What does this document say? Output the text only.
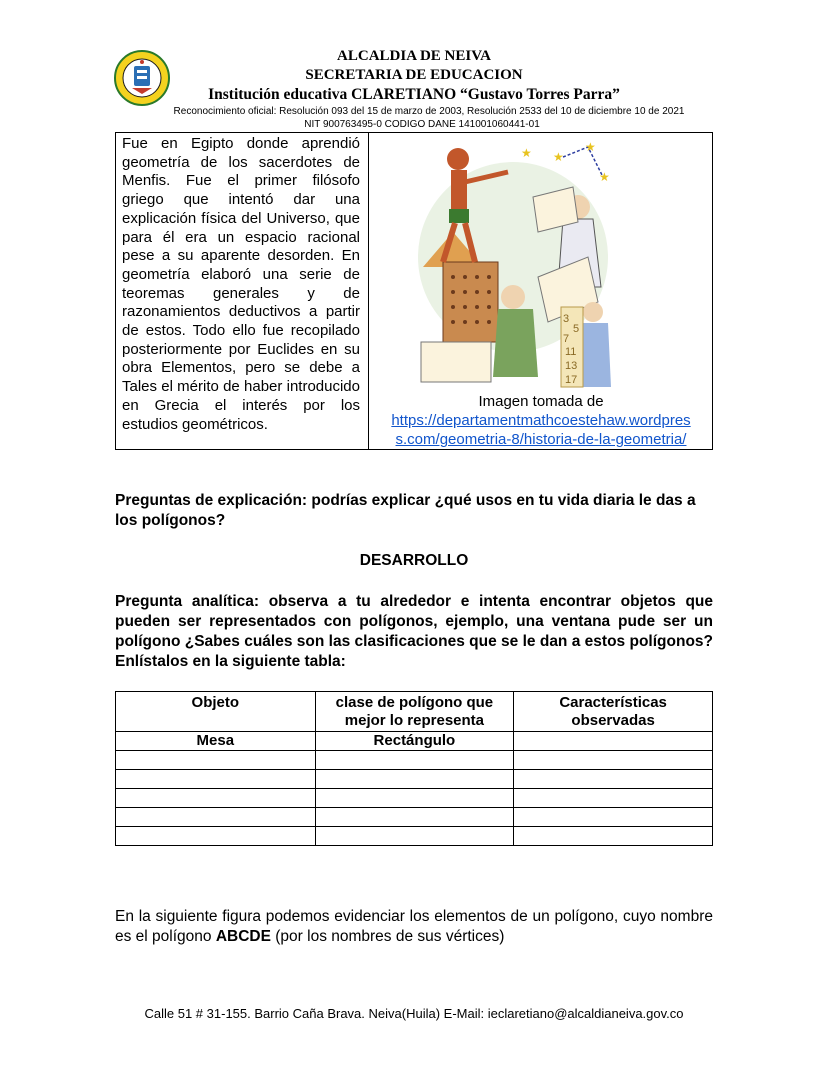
ALCALDIA DE NEIVA
SECRETARIA DE EDUCACION
Institución educativa CLARETIANO “Gustavo Torres Parra”
Reconocimiento oficial: Resolución 093 del 15 de marzo de 2003, Resolución 2533 del 10 de diciembre 10 de 2021
NIT 900763495-0 CODIGO DANE 141001060441-01
Fue en Egipto donde aprendió geometría de los sacerdotes de Menfis. Fue el primer filósofo griego que intentó dar una explicación física del Universo, que para él era un espacio racional pese a su aparente desorden. En geometría elaboró una serie de teoremas generales y de razonamientos deductivos a partir de estos. Todo ello fue recopilado posteriormente por Euclides en su obra Elementos, pero se debe a Tales el mérito de haber introducido en Grecia el interés por los estudios geométricos.
★
★
★
★
3
5
7
11
13
17
Imagen tomada de
https://departamentmathcoestehaw.wordpres
s.com/geometria-8/historia-de-la-geometria/
Preguntas de explicación: podrías explicar ¿qué usos en tu vida diaria le das a los polígonos?
DESARROLLO
Pregunta analítica: observa a tu alrededor e intenta encontrar objetos que pueden ser representados con polígonos, ejemplo, una ventana pude ser un polígono ¿Sabes cuáles son las clasificaciones que se le dan a estos polígonos? Enlístalos en la siguiente tabla:
Objeto	clase de polígono que mejor lo representa	Características observadas
Mesa	Rectángulo	

En la siguiente figura podemos evidenciar los elementos de un polígono, cuyo nombre es el polígono ABCDE (por los nombres de sus vértices)
Calle 51 # 31-155. Barrio Caña Brava. Neiva(Huila) E-Mail: ieclaretiano@alcaldianeiva.gov.co
